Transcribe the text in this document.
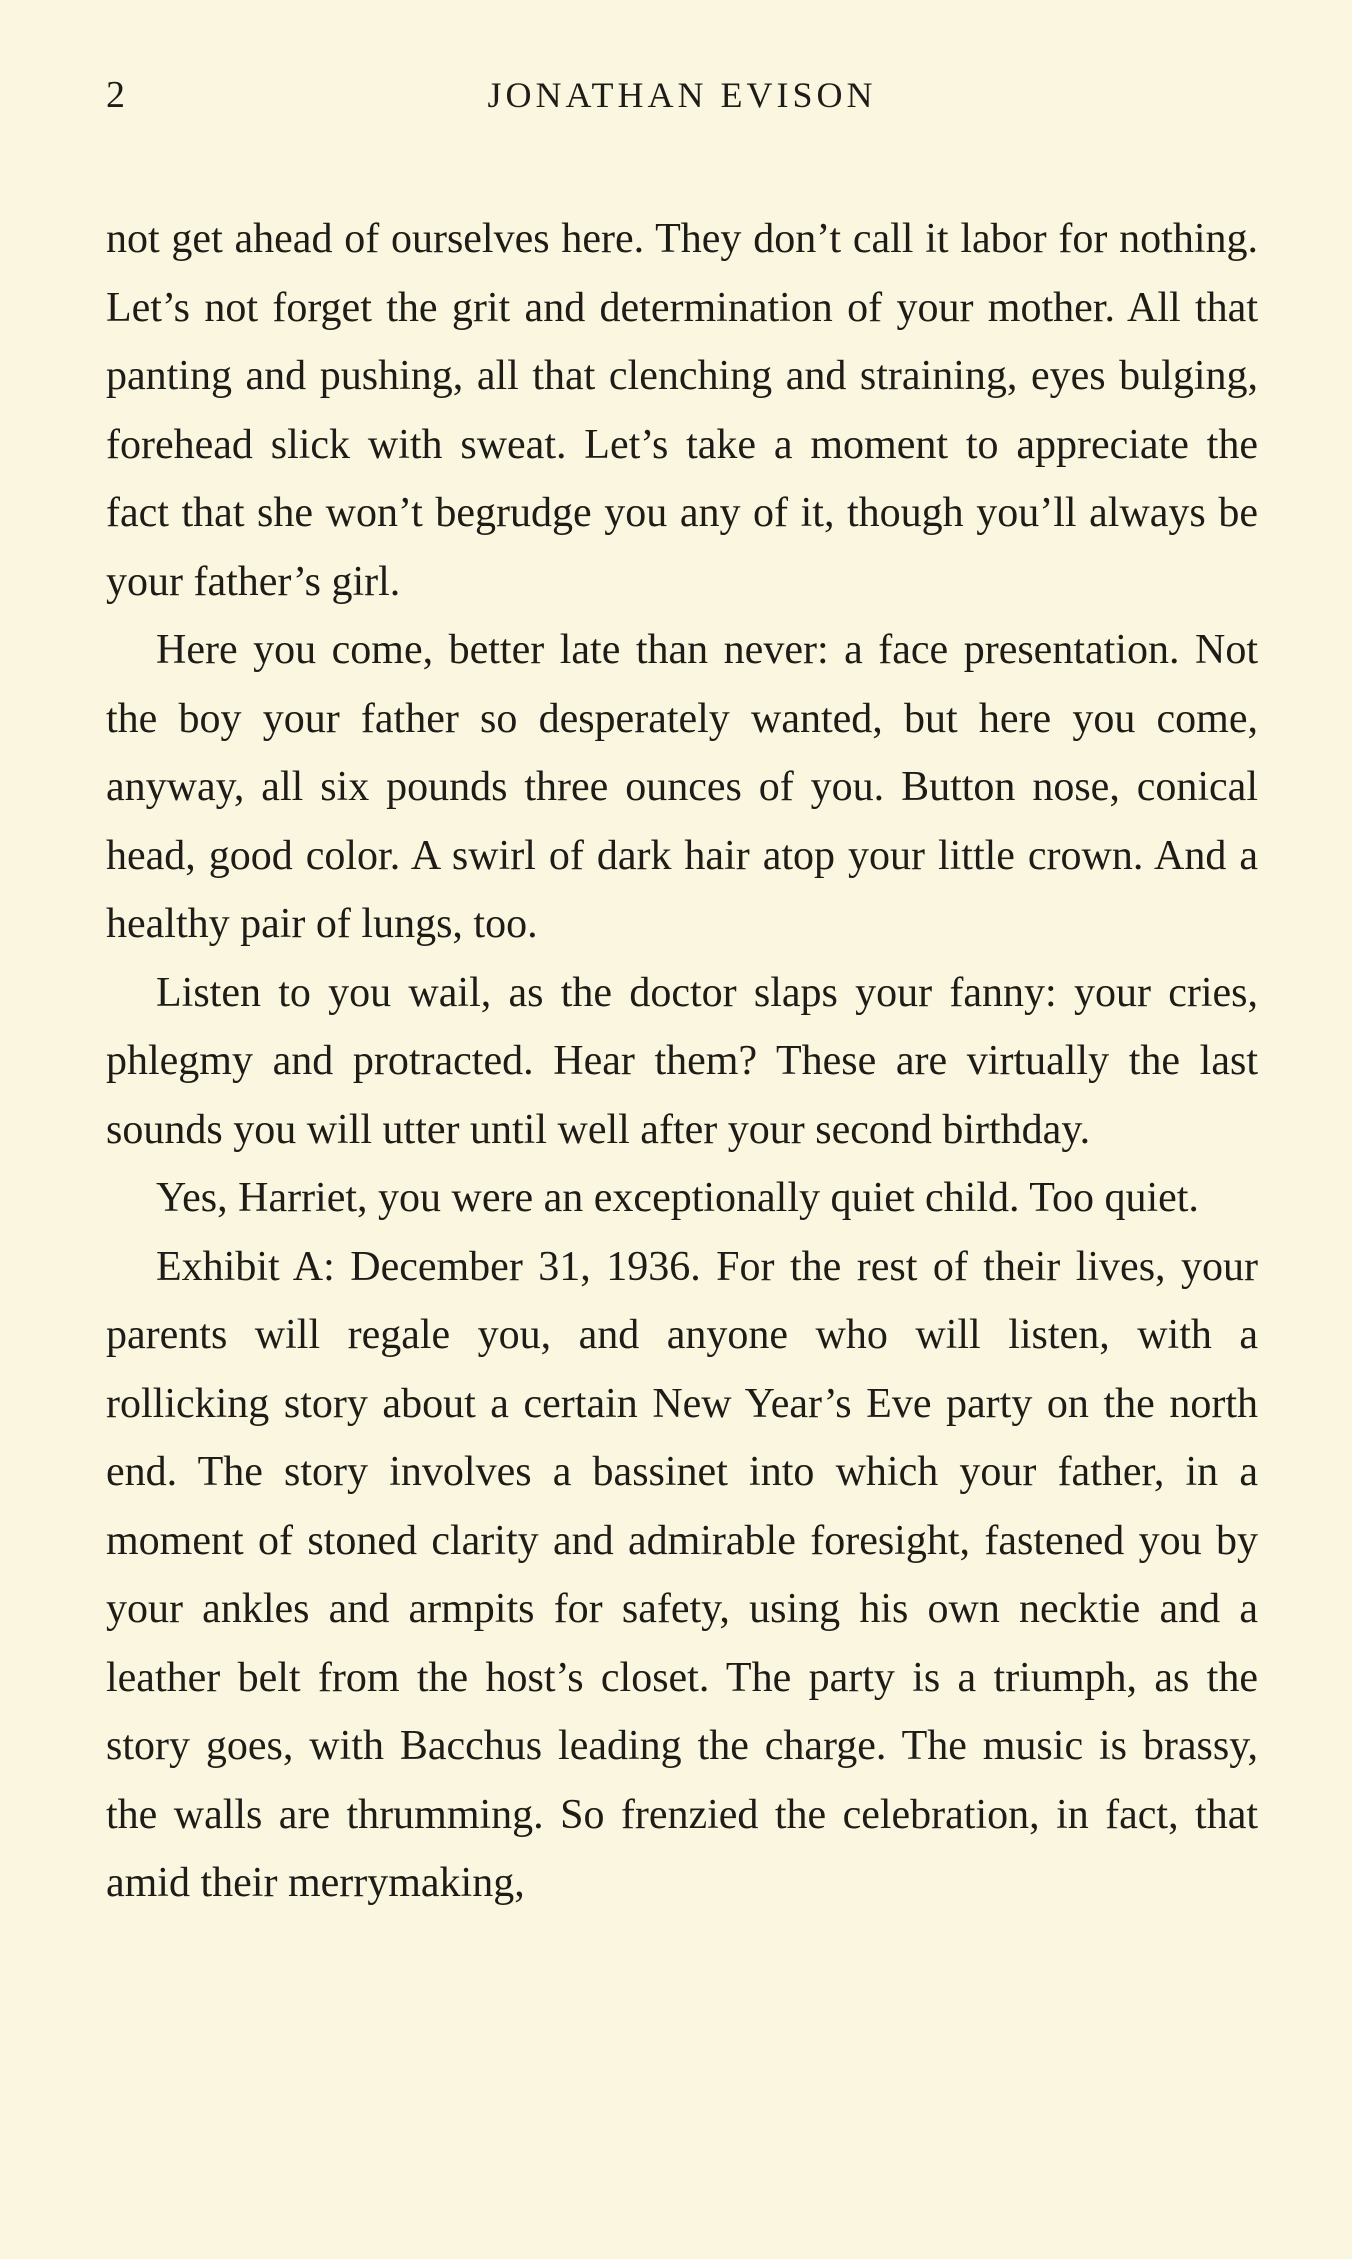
2	JONATHAN EVISON

not get ahead of ourselves here. They don’t call it labor for nothing. Let’s not forget the grit and determination of your mother. All that panting and pushing, all that clenching and straining, eyes bulging, forehead slick with sweat. Let’s take a moment to appreciate the fact that she won’t begrudge you any of it, though you’ll always be your father’s girl.

Here you come, better late than never: a face presentation. Not the boy your father so desperately wanted, but here you come, anyway, all six pounds three ounces of you. Button nose, conical head, good color. A swirl of dark hair atop your little crown. And a healthy pair of lungs, too.

Listen to you wail, as the doctor slaps your fanny: your cries, phlegmy and protracted. Hear them? These are virtually the last sounds you will utter until well after your second birthday.

Yes, Harriet, you were an exceptionally quiet child. Too quiet.

Exhibit A: December 31, 1936. For the rest of their lives, your parents will regale you, and anyone who will listen, with a rollicking story about a certain New Year’s Eve party on the north end. The story involves a bassinet into which your father, in a moment of stoned clarity and admirable foresight, fastened you by your ankles and armpits for safety, using his own necktie and a leather belt from the host’s closet. The party is a triumph, as the story goes, with Bacchus leading the charge. The music is brassy, the walls are thrumming. So frenzied the celebration, in fact, that amid their merrymaking,
